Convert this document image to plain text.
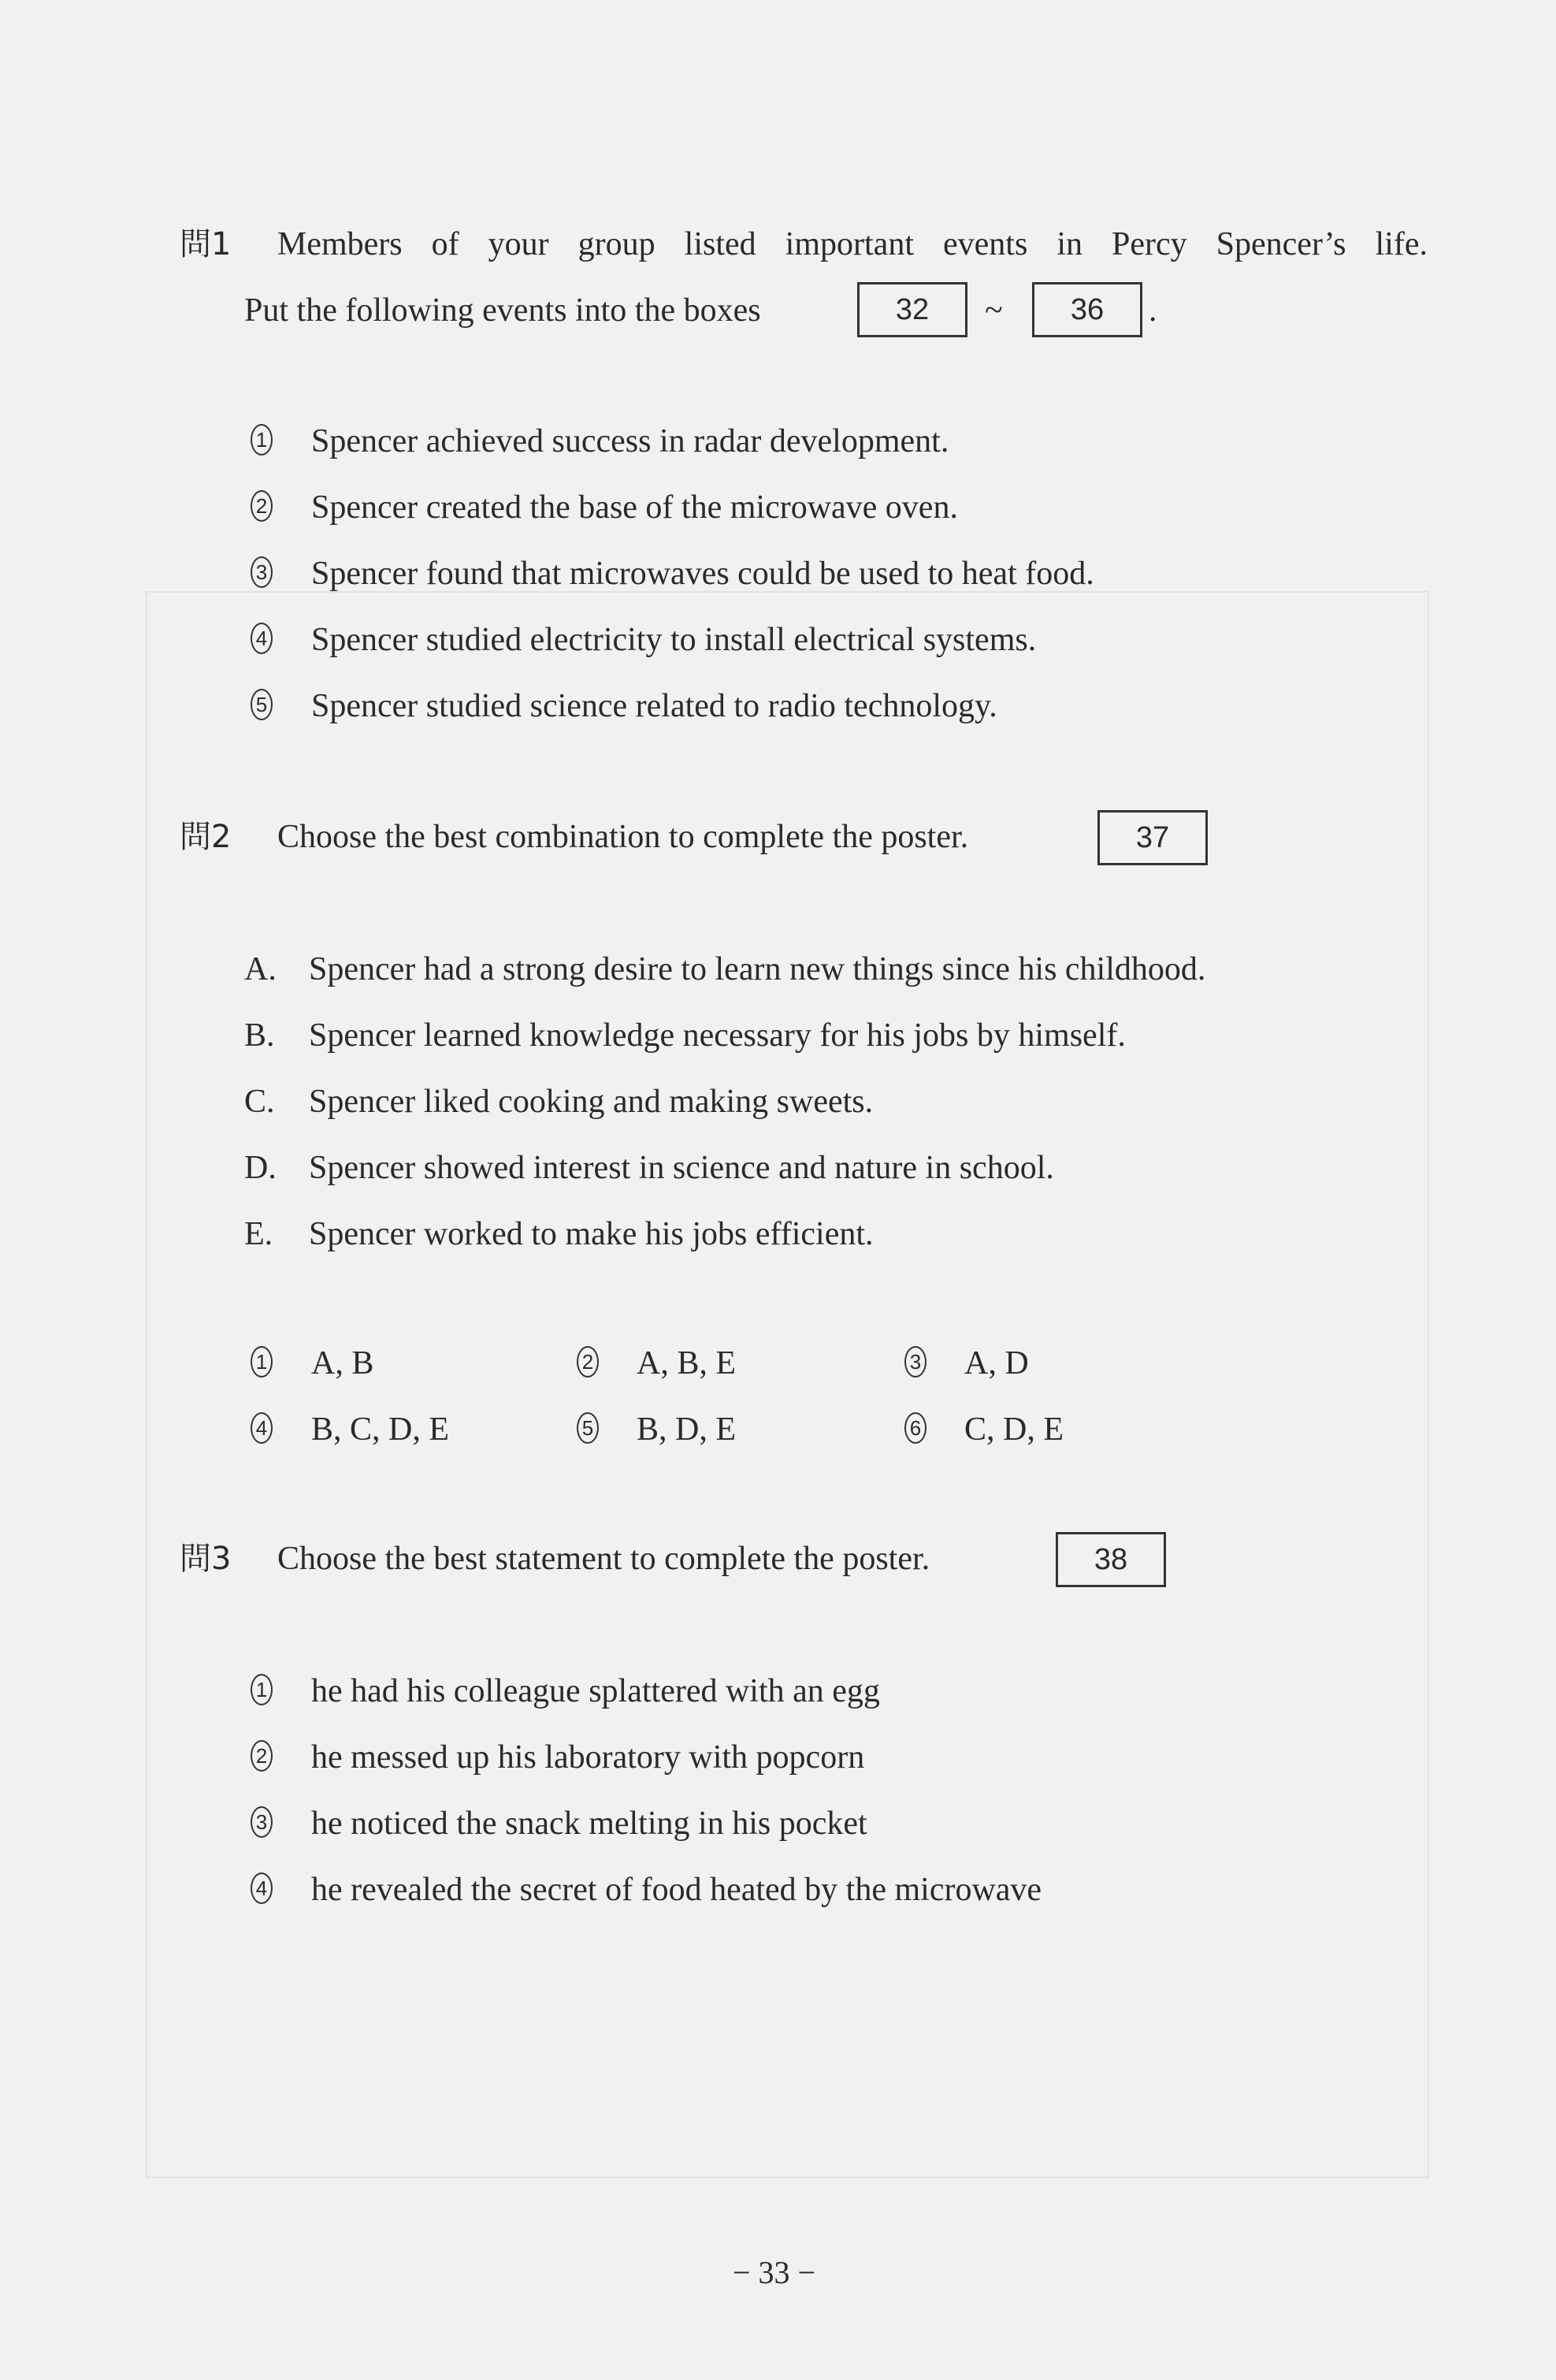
問1 Members of your group listed important events in Percy Spencer’s life.
Put the following events into the boxes	32	~	36	.
1 Spencer achieved success in radar development.
2 Spencer created the base of the microwave oven.
3 Spencer found that microwaves could be used to heat food.
4 Spencer studied electricity to install electrical systems.
5 Spencer studied science related to radio technology.
問2 Choose the best combination to complete the poster.	37
A. Spencer had a strong desire to learn new things since his childhood.
B. Spencer learned knowledge necessary for his jobs by himself.
C. Spencer liked cooking and making sweets.
D. Spencer showed interest in science and nature in school.
E. Spencer worked to make his jobs efficient.
1 A, B	2 A, B, E	3 A, D
4 B, C, D, E	5 B, D, E	6 C, D, E
問3 Choose the best statement to complete the poster.	38
1 he had his colleague splattered with an egg
2 he messed up his laboratory with popcorn
3 he noticed the snack melting in his pocket
4 he revealed the secret of food heated by the microwave
− 33 −
